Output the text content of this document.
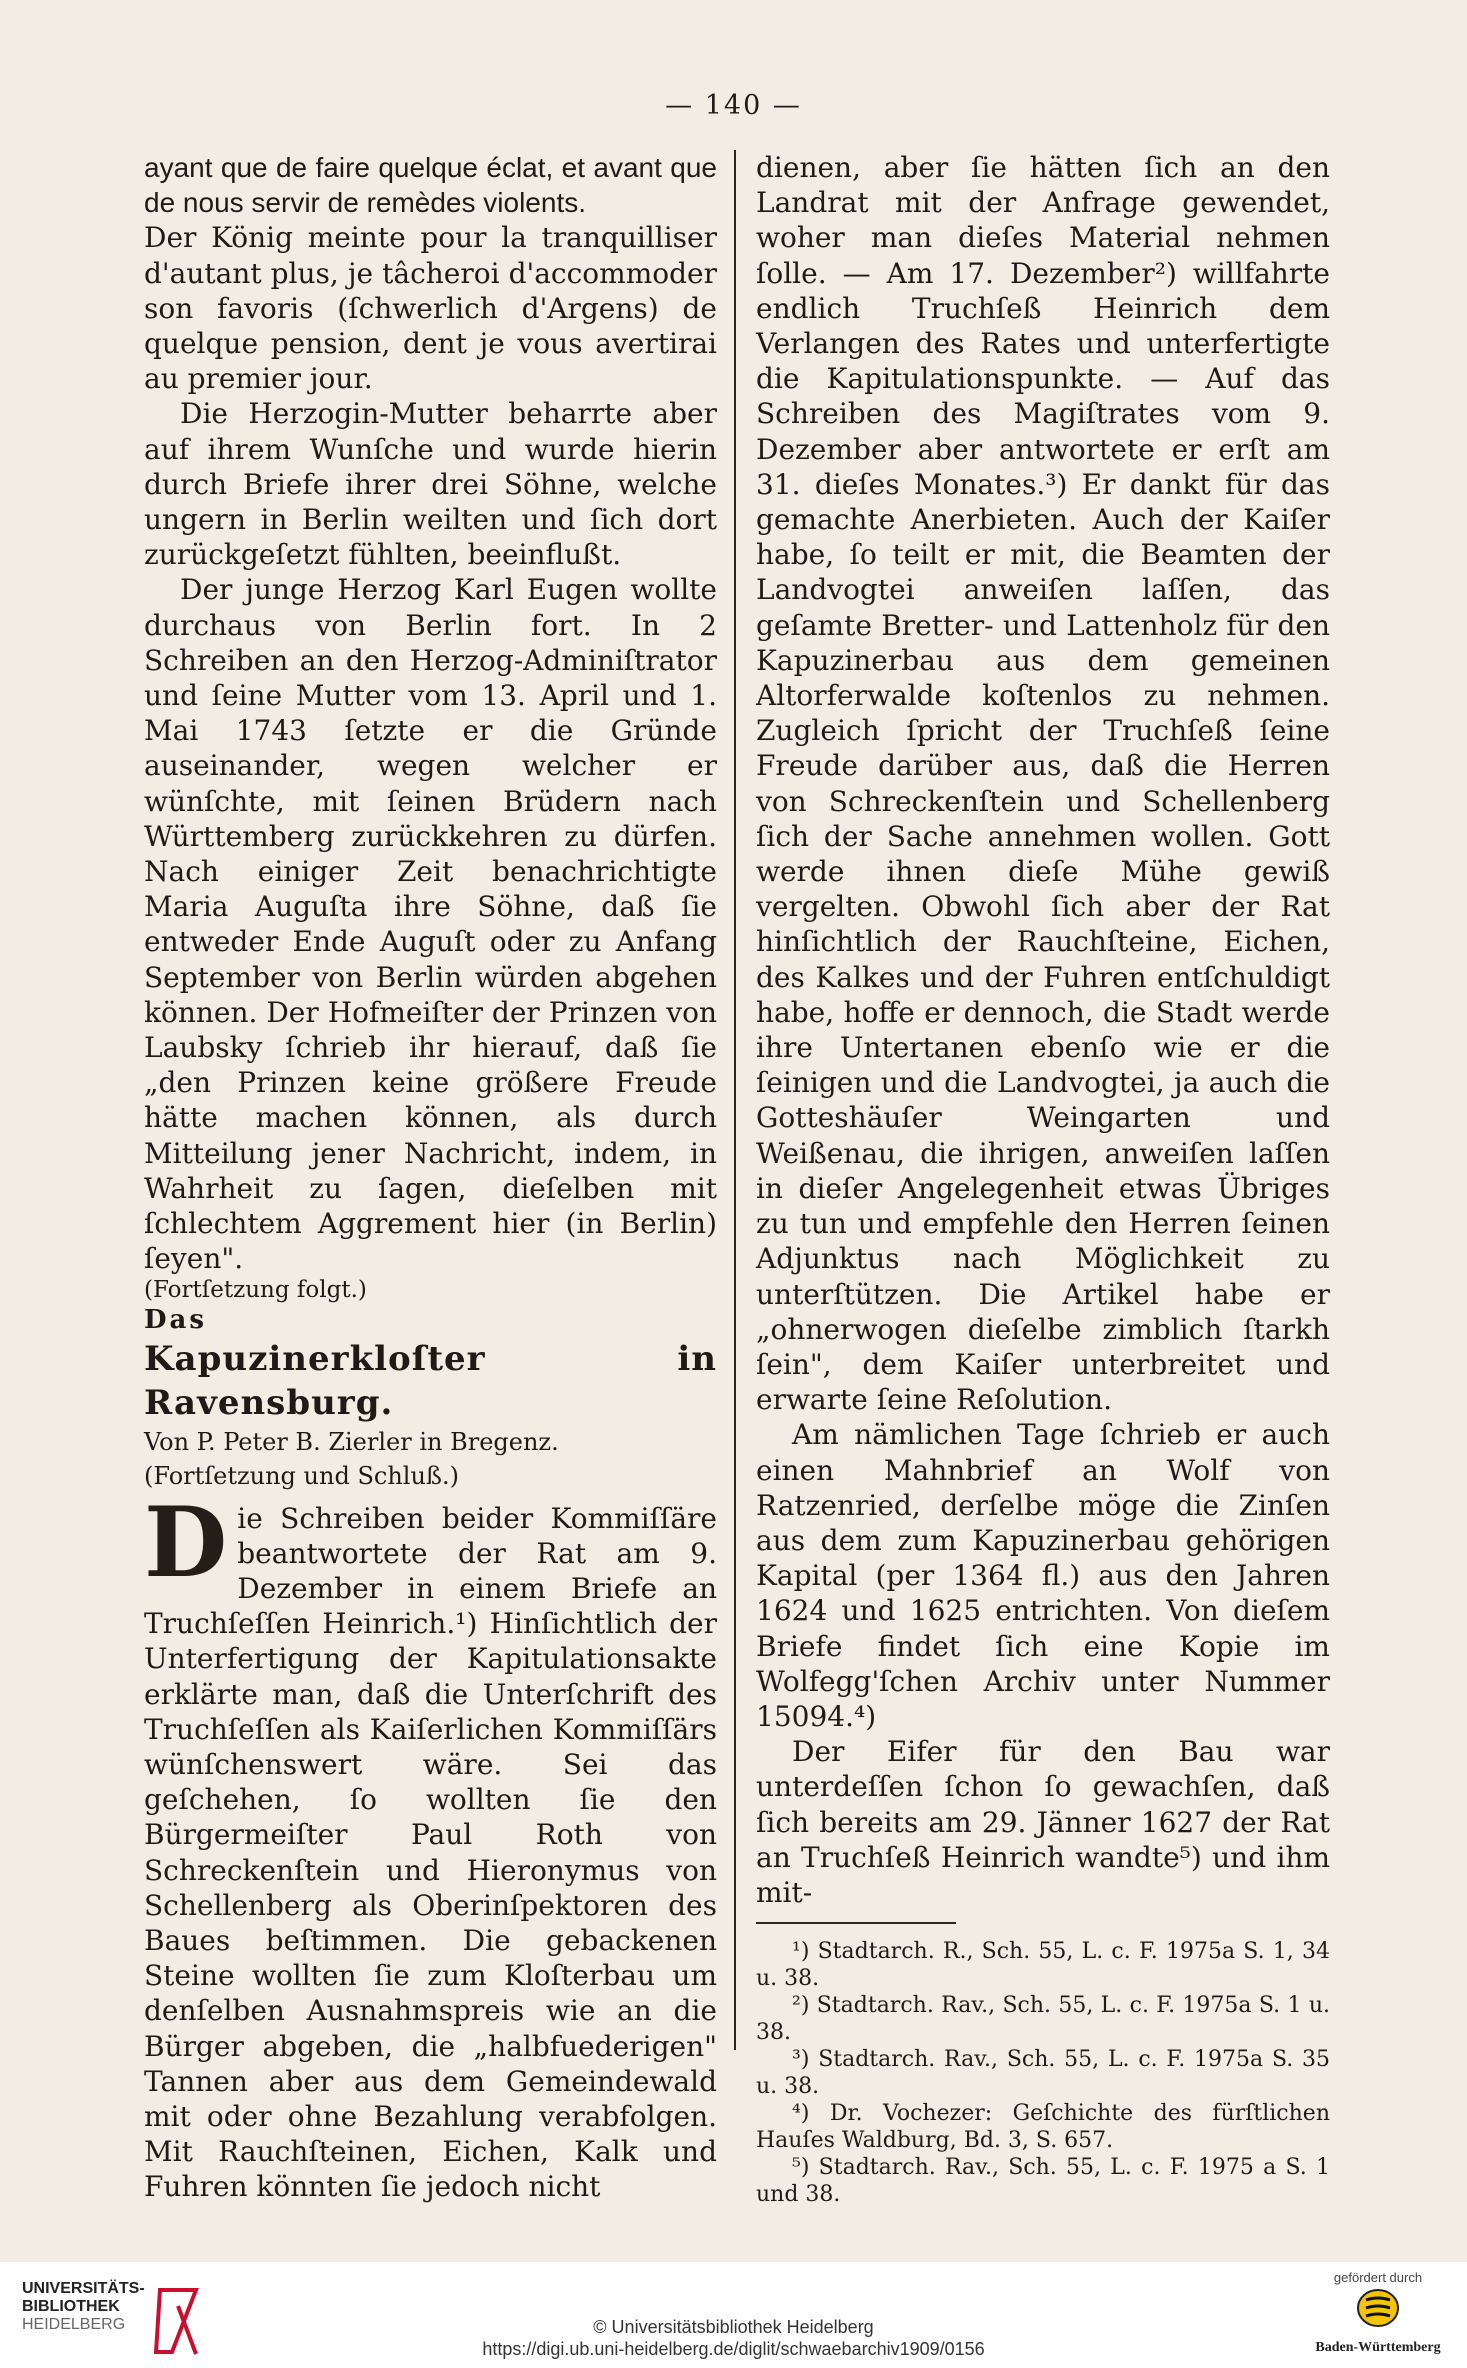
— 140 —

ayant que de faire quelque éclat, et avant que de nous servir de remèdes violents.

Der König meinte pour la tranquilliser d'autant plus, je tâcheroi d'accommoder son favoris (ſchwerlich d'Argens) de quelque pension, dent je vous avertirai au premier jour.

Die Herzogin-Mutter beharrte aber auf ihrem Wunſche und wurde hierin durch Briefe ihrer drei Söhne, welche ungern in Berlin weilten und ſich dort zurückgeſetzt fühlten, beeinflußt.

Der junge Herzog Karl Eugen wollte durchaus von Berlin fort. In 2 Schreiben an den Herzog-Adminiſtrator und ſeine Mutter vom 13. April und 1. Mai 1743 ſetzte er die Gründe auseinander, wegen welcher er wünſchte, mit ſeinen Brüdern nach Württemberg zurückkehren zu dürfen. Nach einiger Zeit benachrichtigte Maria Auguſta ihre Söhne, daß ſie entweder Ende Auguſt oder zu Anfang September von Berlin würden abgehen können. Der Hofmeiſter der Prinzen von Laubsky ſchrieb ihr hierauf, daß ſie „den Prinzen keine größere Freude hätte machen können, als durch Mitteilung jener Nachricht, indem, in Wahrheit zu ſagen, dieſelben mit ſchlechtem Aggrement hier (in Berlin) ſeyen".

(Fortſetzung folgt.)

Das

Kapuzinerkloſter in Ravensburg.

Von P. Peter B. Zierler in Bregenz.

(Fortſetzung und Schluß.)

Die Schreiben beider Kommiſſäre beantwortete der Rat am 9. Dezember in einem Briefe an Truchſeſſen Heinrich.¹) Hinſichtlich der Unterfertigung der Kapitulationsakte erklärte man, daß die Unterſchrift des Truchſeſſen als Kaiſerlichen Kommiſſärs wünſchenswert wäre. Sei das geſchehen, ſo wollten ſie den Bürgermeiſter Paul Roth von Schreckenſtein und Hieronymus von Schellenberg als Oberinſpektoren des Baues beſtimmen. Die gebackenen Steine wollten ſie zum Kloſterbau um denſelben Ausnahmspreis wie an die Bürger abgeben, die „halbfuederigen" Tannen aber aus dem Gemeindewald mit oder ohne Bezahlung verabfolgen. Mit Rauchſteinen, Eichen, Kalk und Fuhren könnten ſie jedoch nicht

dienen, aber ſie hätten ſich an den Landrat mit der Anfrage gewendet, woher man dieſes Material nehmen ſolle. — Am 17. Dezember²) willfahrte endlich Truchſeß Heinrich dem Verlangen des Rates und unterfertigte die Kapitulationspunkte. — Auf das Schreiben des Magiſtrates vom 9. Dezember aber antwortete er erſt am 31. dieſes Monates.³) Er dankt für das gemachte Anerbieten. Auch der Kaiſer habe, ſo teilt er mit, die Beamten der Landvogtei anweiſen laſſen, das geſamte Bretter- und Lattenholz für den Kapuzinerbau aus dem gemeinen Altorferwalde koſtenlos zu nehmen. Zugleich ſpricht der Truchſeß ſeine Freude darüber aus, daß die Herren von Schreckenſtein und Schellenberg ſich der Sache annehmen wollen. Gott werde ihnen dieſe Mühe gewiß vergelten. Obwohl ſich aber der Rat hinſichtlich der Rauchſteine, Eichen, des Kalkes und der Fuhren entſchuldigt habe, hoffe er dennoch, die Stadt werde ihre Untertanen ebenſo wie er die ſeinigen und die Landvogtei, ja auch die Gotteshäuſer Weingarten und Weißenau, die ihrigen, anweiſen laſſen in dieſer Angelegenheit etwas Übriges zu tun und empfehle den Herren ſeinen Adjunktus nach Möglichkeit zu unterſtützen. Die Artikel habe er „ohnerwogen dieſelbe zimblich ſtarkh ſein", dem Kaiſer unterbreitet und erwarte ſeine Reſolution.

Am nämlichen Tage ſchrieb er auch einen Mahnbrief an Wolf von Ratzenried, derſelbe möge die Zinſen aus dem zum Kapuzinerbau gehörigen Kapital (per 1364 fl.) aus den Jahren 1624 und 1625 entrichten. Von dieſem Briefe findet ſich eine Kopie im Wolfegg'ſchen Archiv unter Nummer 15094.⁴)

Der Eifer für den Bau war unterdeſſen ſchon ſo gewachſen, daß ſich bereits am 29. Jänner 1627 der Rat an Truchſeß Heinrich wandte⁵) und ihm mit-

¹) Stadtarch. R., Sch. 55, L. c. F. 1975a S. 1, 34 u. 38.

²) Stadtarch. Rav., Sch. 55, L. c. F. 1975a S. 1 u. 38.

³) Stadtarch. Rav., Sch. 55, L. c. F. 1975a S. 35 u. 38.

⁴) Dr. Vochezer: Geſchichte des fürſtlichen Hauſes Waldburg, Bd. 3, S. 657.

⁵) Stadtarch. Rav., Sch. 55, L. c. F. 1975 a S. 1 und 38.

UNIVERSITÄTS-
BIBLIOTHEK
HEIDELBERG	© Universitätsbibliothek Heidelberg
https://digi.ub.uni-heidelberg.de/diglit/schwaebarchiv1909/0156
gefördert durch
Baden-Württemberg
